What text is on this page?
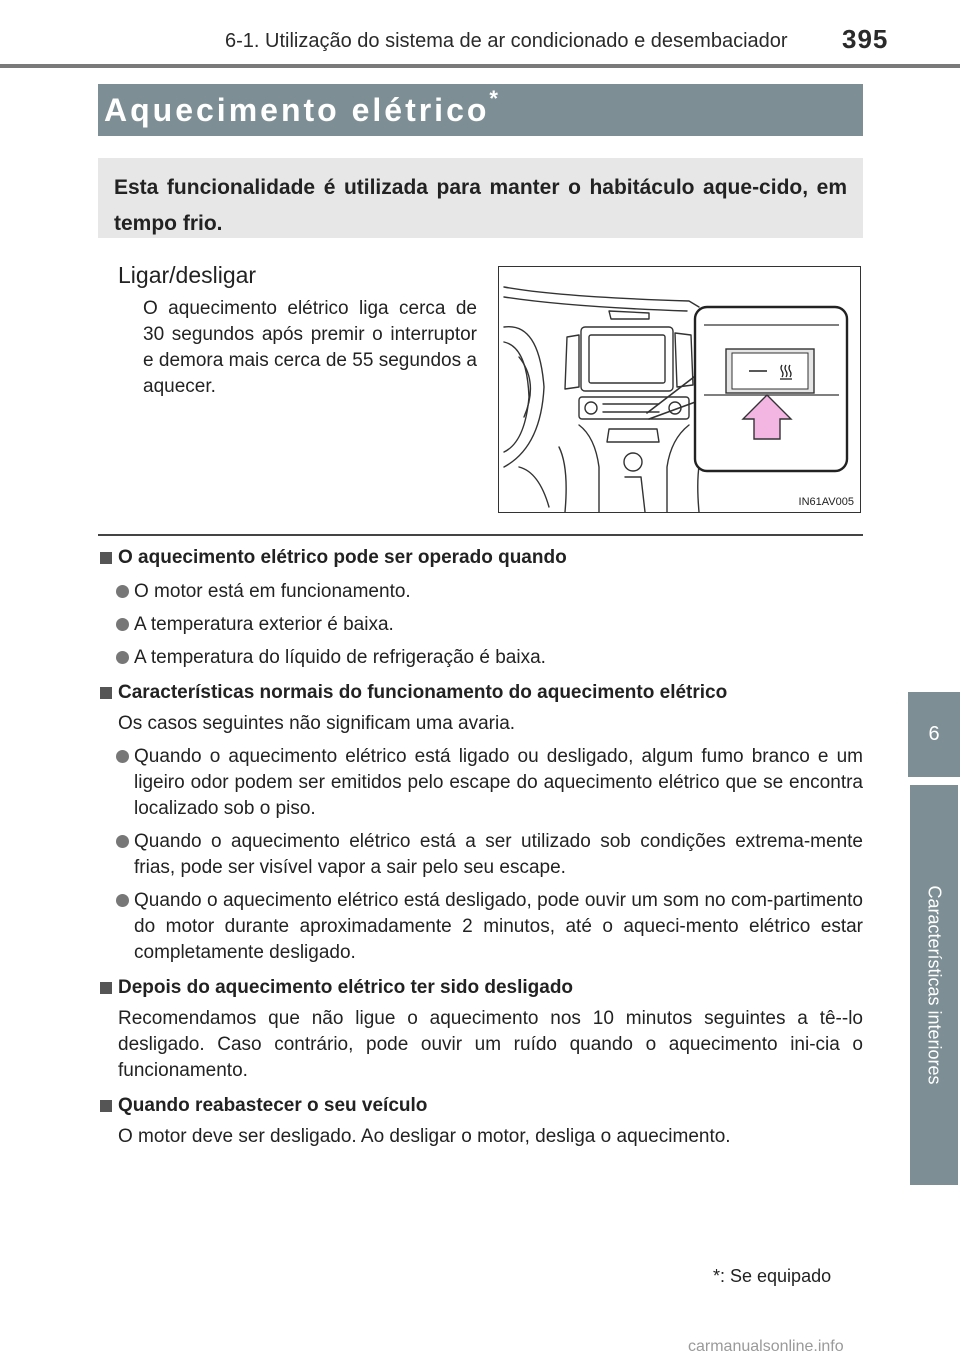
6-1. Utilização do sistema de ar condicionado e desembaciador 395
6
Características interiores
Aquecimento elétrico *
Esta funcionalidade é utilizada para manter o habitáculo aque-cido, em tempo frio.
Ligar/desligar
O aquecimento elétrico liga cerca de 30 segundos após premir o interruptor e demora mais cerca de 55 segundos a aquecer.
IN61AV005
O aquecimento elétrico pode ser operado quando
O motor está em funcionamento.
A temperatura exterior é baixa.
A temperatura do líquido de refrigeração é baixa.
Características normais do funcionamento do aquecimento elétrico
Os casos seguintes não significam uma avaria.
Quando o aquecimento elétrico está ligado ou desligado, algum fumo branco e um ligeiro odor podem ser emitidos pelo escape do aquecimento elétrico que se encontra localizado sob o piso.
Quando o aquecimento elétrico está a ser utilizado sob condições extrema-mente frias, pode ser visível vapor a sair pelo seu escape.
Quando o aquecimento elétrico está desligado, pode ouvir um som no com-partimento do motor durante aproximadamente 2 minutos, até o aqueci-mento elétrico estar completamente desligado.
Depois do aquecimento elétrico ter sido desligado
Recomendamos que não ligue o aquecimento nos 10 minutos seguintes a tê--lo desligado. Caso contrário, pode ouvir um ruído quando o aquecimento ini-cia o funcionamento.
Quando reabastecer o seu veículo
O motor deve ser desligado. Ao desligar o motor, desliga o aquecimento.
*: Se equipado
carmanualsonline.info
